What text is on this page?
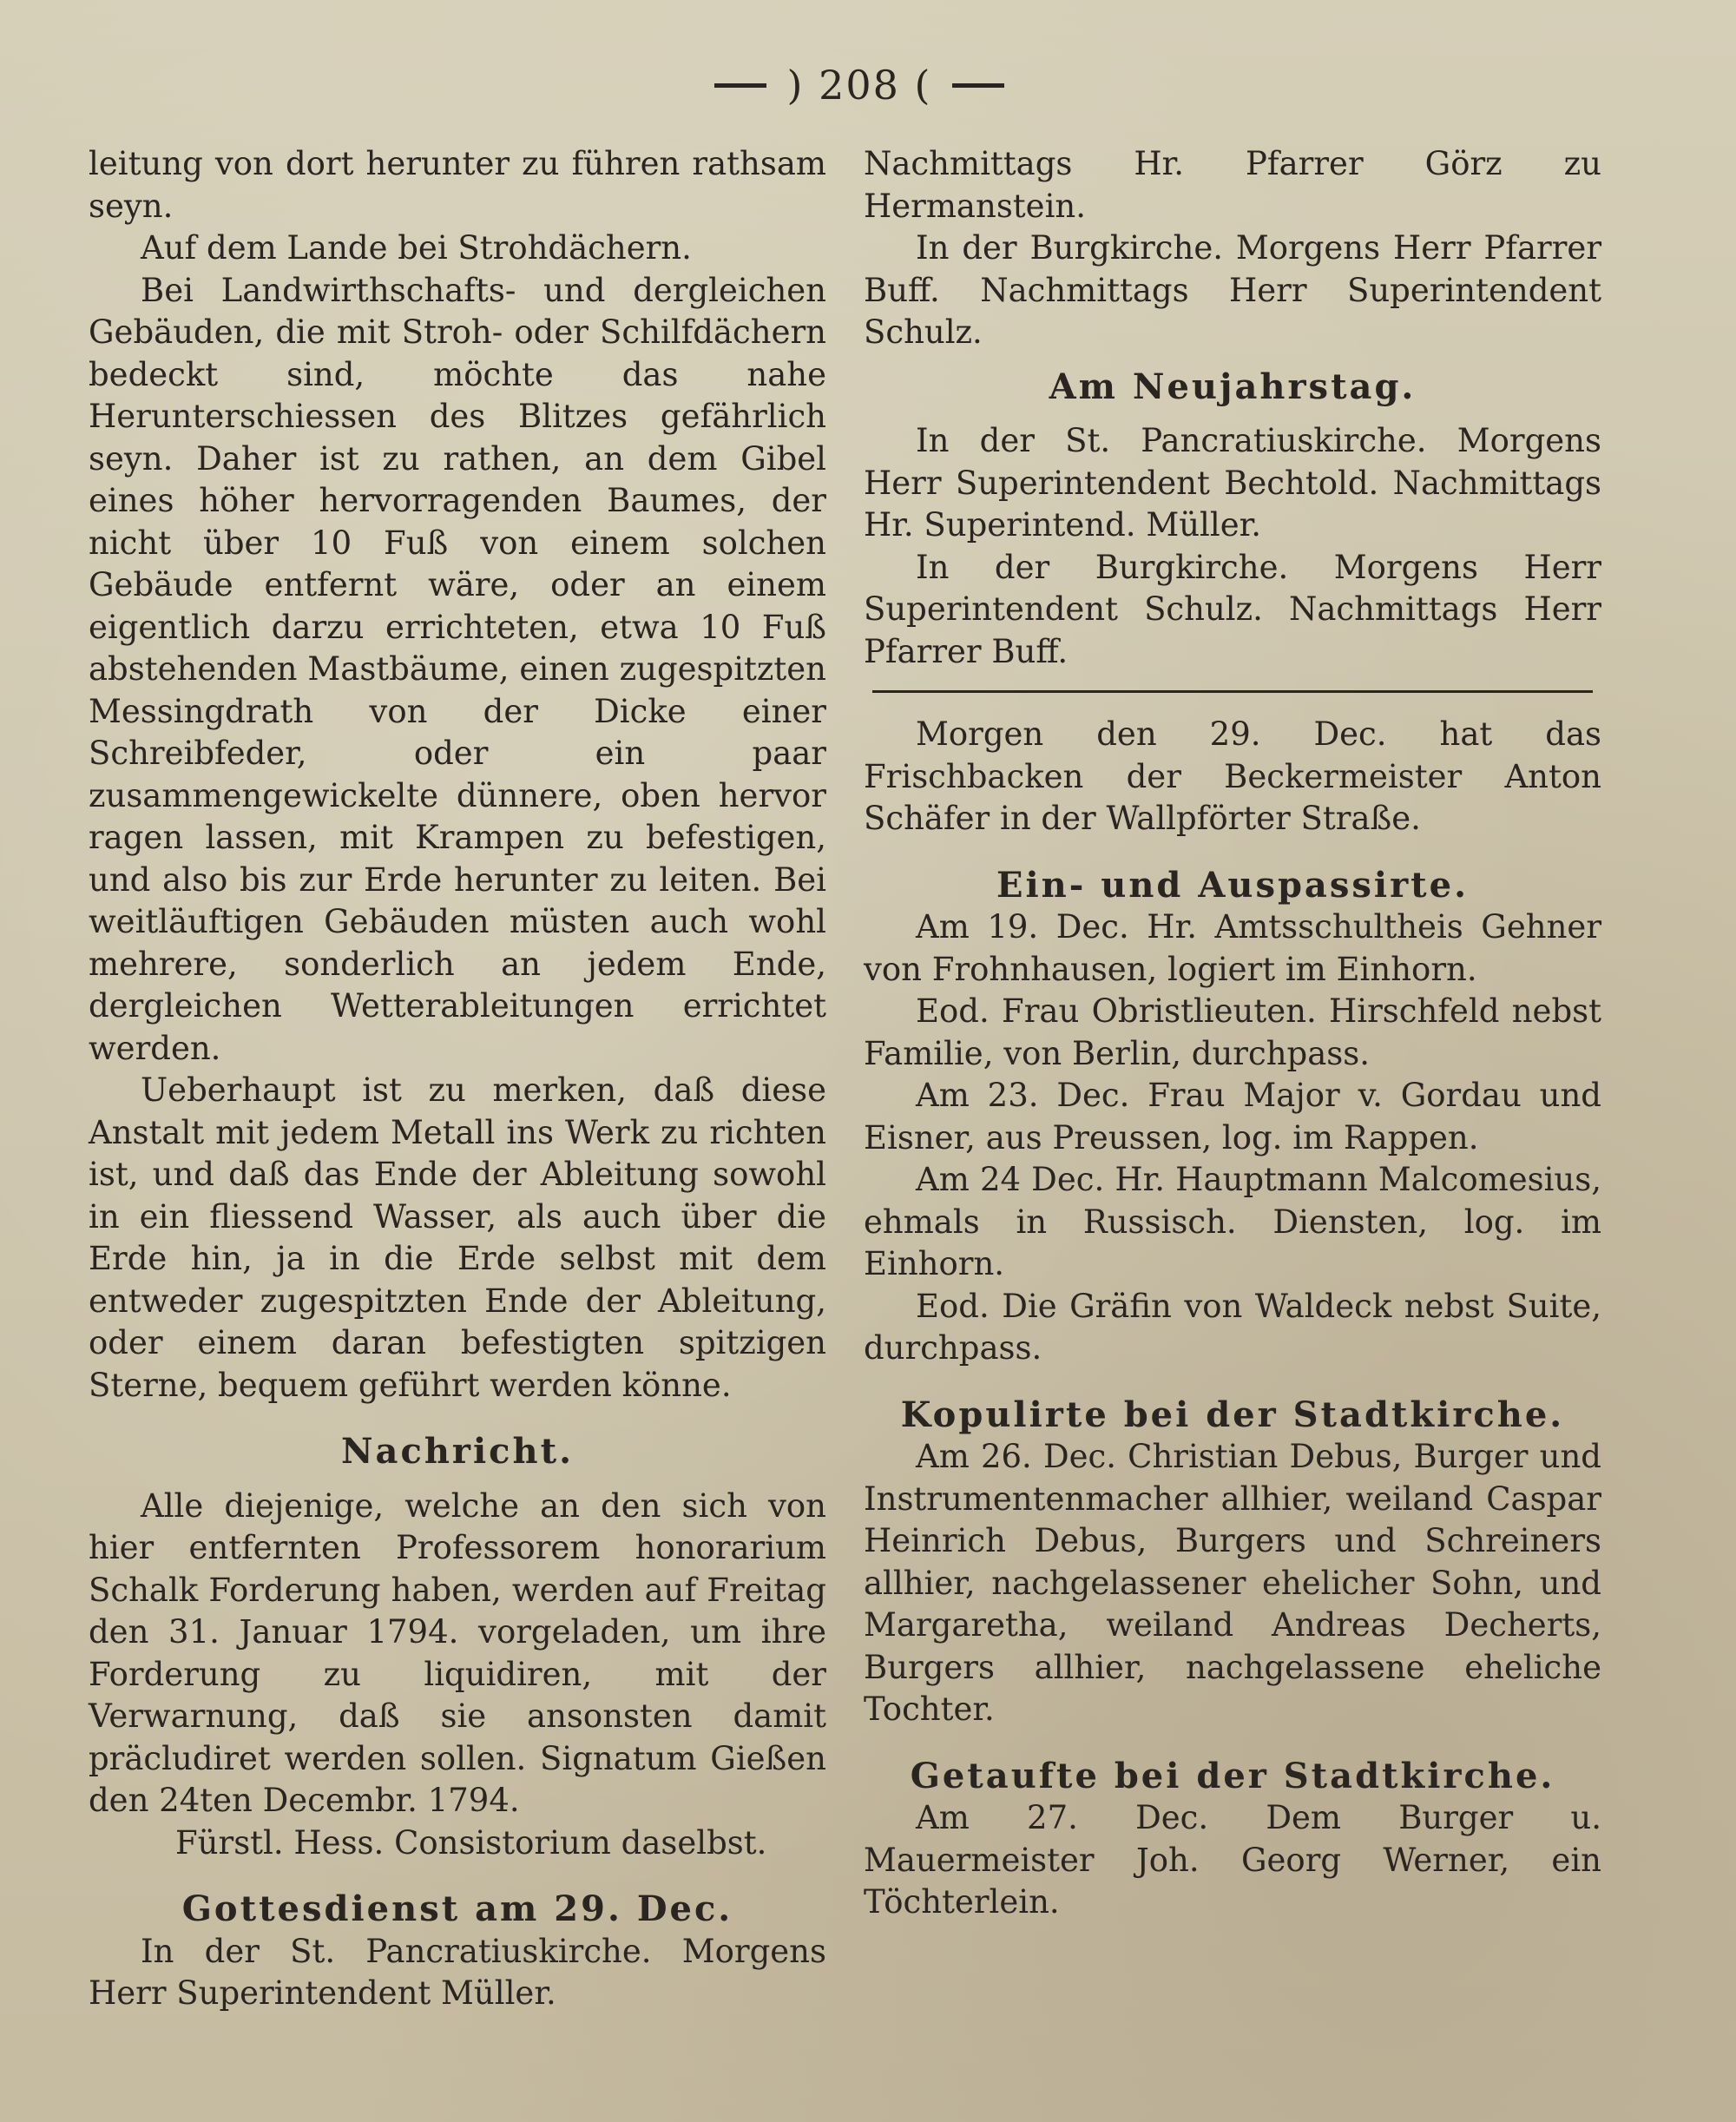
) 208 (

leitung von dort herunter zu führen rathsam seyn.

Auf dem Lande bei Strohdächern.

Bei Landwirthschafts- und dergleichen Gebäuden, die mit Stroh- oder Schilfdächern bedeckt sind, möchte das nahe Herunterschiessen des Blitzes gefährlich seyn. Daher ist zu rathen, an dem Gibel eines höher hervorragenden Baumes, der nicht über 10 Fuß von einem solchen Gebäude entfernt wäre, oder an einem eigentlich darzu errichteten, etwa 10 Fuß abstehenden Mastbäume, einen zugespitzten Messingdrath von der Dicke einer Schreibfeder, oder ein paar zusammengewickelte dünnere, oben hervor ragen lassen, mit Krampen zu befestigen, und also bis zur Erde herunter zu leiten. Bei weitläuftigen Gebäuden müsten auch wohl mehrere, sonderlich an jedem Ende, dergleichen Wetterableitungen errichtet werden.

Ueberhaupt ist zu merken, daß diese Anstalt mit jedem Metall ins Werk zu richten ist, und daß das Ende der Ableitung sowohl in ein fliessend Wasser, als auch über die Erde hin, ja in die Erde selbst mit dem entweder zugespitzten Ende der Ableitung, oder einem daran befestigten spitzigen Sterne, bequem geführt werden könne.

Nachricht.

Alle diejenige, welche an den sich von hier entfernten Professorem honorarium Schalk Forderung haben, werden auf Freitag den 31. Januar 1794. vorgeladen, um ihre Forderung zu liquidiren, mit der Verwarnung, daß sie ansonsten damit präcludiret werden sollen. Signatum Gießen den 24ten Decembr. 1794.

Fürstl. Hess. Consistorium daselbst.

Gottesdienst am 29. Dec.

In der St. Pancratiuskirche. Morgens Herr Superintendent Müller.

Nachmittags Hr. Pfarrer Görz zu Hermanstein.

In der Burgkirche. Morgens Herr Pfarrer Buff. Nachmittags Herr Superintendent Schulz.

Am Neujahrstag.

In der St. Pancratiuskirche. Morgens Herr Superintendent Bechtold. Nachmittags Hr. Superintend. Müller.

In der Burgkirche. Morgens Herr Superintendent Schulz. Nachmittags Herr Pfarrer Buff.

Morgen den 29. Dec. hat das Frischbacken der Beckermeister Anton Schäfer in der Wallpförter Straße.

Ein- und Auspassirte.

Am 19. Dec. Hr. Amtsschultheis Gehner von Frohnhausen, logiert im Einhorn.

Eod. Frau Obristlieuten. Hirschfeld nebst Familie, von Berlin, durchpass.

Am 23. Dec. Frau Major v. Gordau und Eisner, aus Preussen, log. im Rappen.

Am 24 Dec. Hr. Hauptmann Malcomesius, ehmals in Russisch. Diensten, log. im Einhorn.

Eod. Die Gräfin von Waldeck nebst Suite, durchpass.

Kopulirte bei der Stadtkirche.

Am 26. Dec. Christian Debus, Burger und Instrumentenmacher allhier, weiland Caspar Heinrich Debus, Burgers und Schreiners allhier, nachgelassener ehelicher Sohn, und Margaretha, weiland Andreas Decherts, Burgers allhier, nachgelassene eheliche Tochter.

Getaufte bei der Stadtkirche.

Am 27. Dec. Dem Burger u. Mauermeister Joh. Georg Werner, ein Töchterlein.
